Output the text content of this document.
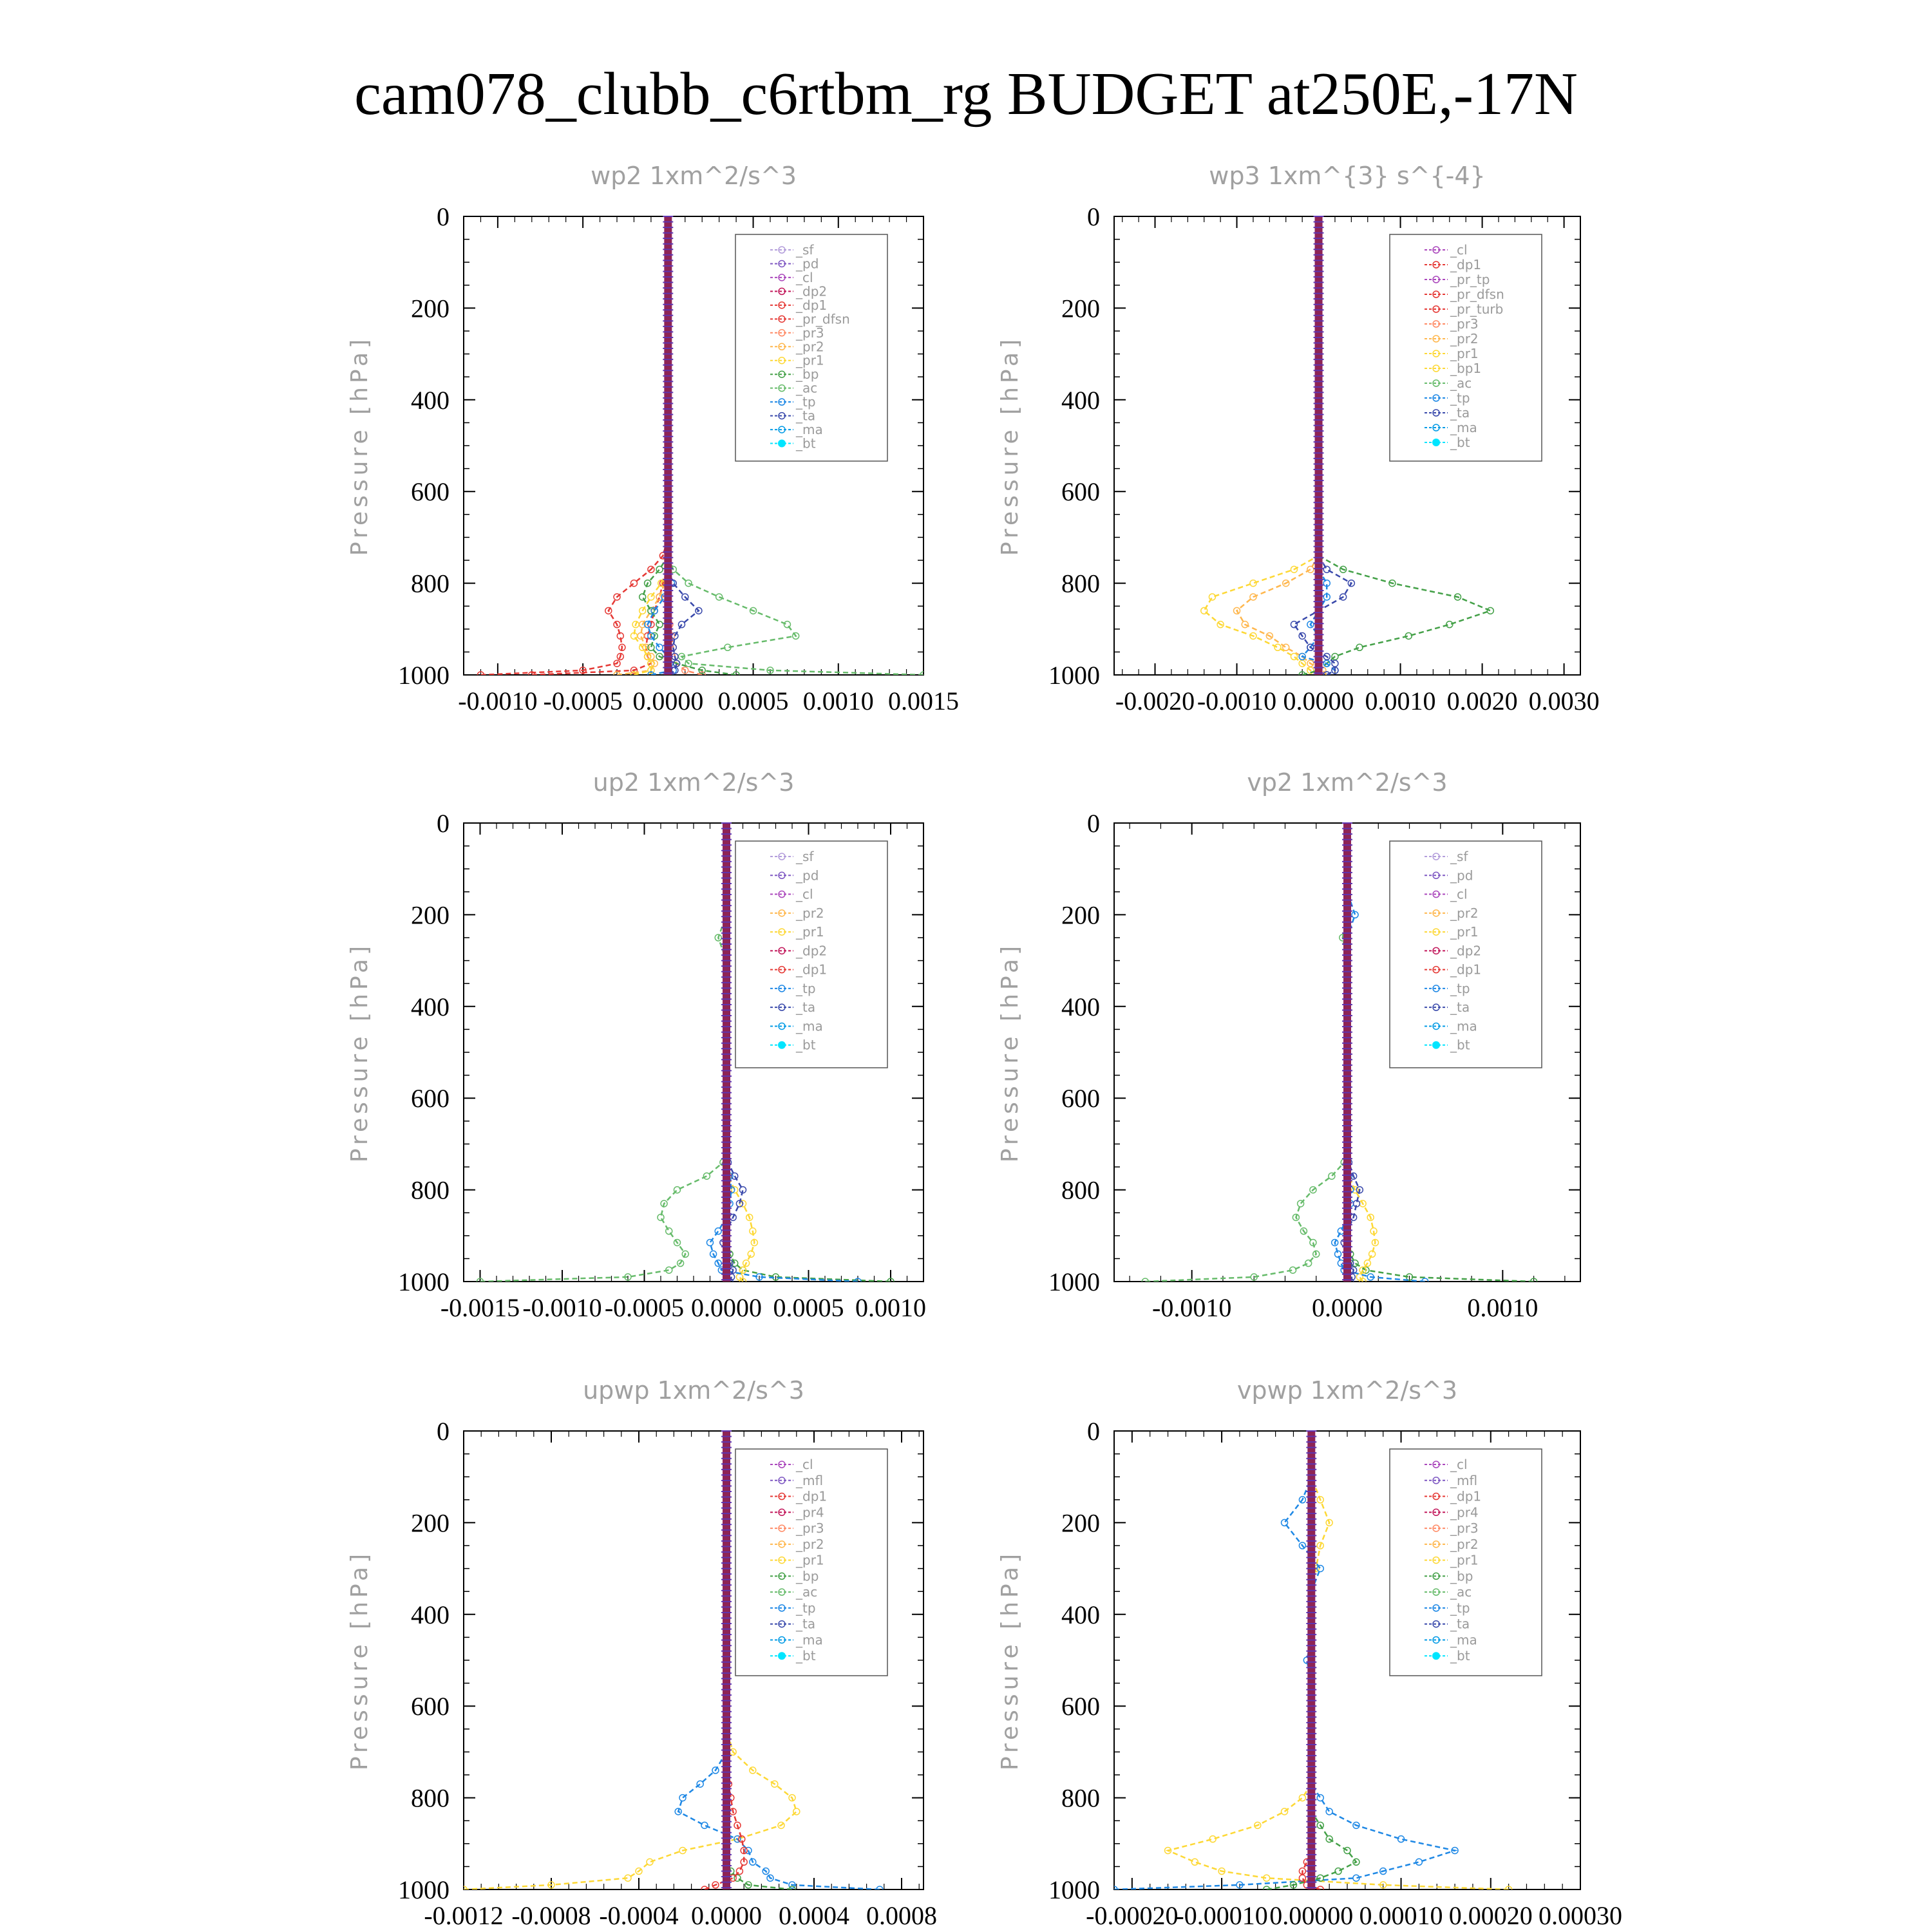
cam078_clubb_c6rtbm_rg BUDGET at250E,-17N
0
200
400
600
800
1000
-0.0010 -0.0005 0.0000 0.0005 0.0010 0.0015
wp2 1xm^2/s^3
Pressure [hPa]
_sf
_pd
_cl
_dp2
_dp1
_pr_dfsn
_pr3
_pr2
_pr1
_bp
_ac
_tp
_ta
_ma
_bt
0
200
400
600
800
1000
-0.0020 -0.0010 0.0000 0.0010 0.0020 0.0030
wp3 1xm^{3} s^{-4}
Pressure [hPa]
_cl
_dp1
_pr_tp
_pr_dfsn
_pr_turb
_pr3
_pr2
_pr1
_bp1
_ac
_tp
_ta
_ma
_bt
0
200
400
600
800
1000
-0.0015 -0.0010 -0.0005 0.0000 0.0005 0.0010
up2 1xm^2/s^3
Pressure [hPa]
_sf
_pd
_cl
_pr2
_pr1
_dp2
_dp1
_tp
_ta
_ma
_bt
0
200
400
600
800
1000
-0.0010	0.0000	0.0010
vp2 1xm^2/s^3
Pressure [hPa]
_sf
_pd
_cl
_pr2
_pr1
_dp2
_dp1
_tp
_ta
_ma
_bt
0
200
400
600
800
1000
-0.0012 -0.0008 -0.0004 0.0000 0.0004 0.0008
upwp 1xm^2/s^3
Pressure [hPa]
_cl
_mfl
_dp1
_pr4
_pr3
_pr2
_pr1
_bp
_ac
_tp
_ta
_ma
_bt
0
200
400
600
800
1000
-0.00020
-0.00010 0.00000 0.00010 0.00020 0.00030
vpwp 1xm^2/s^3
Pressure [hPa]
_cl
_mfl
_dp1
_pr4
_pr3
_pr2
_pr1
_bp
_ac
_tp
_ta
_ma
_bt
